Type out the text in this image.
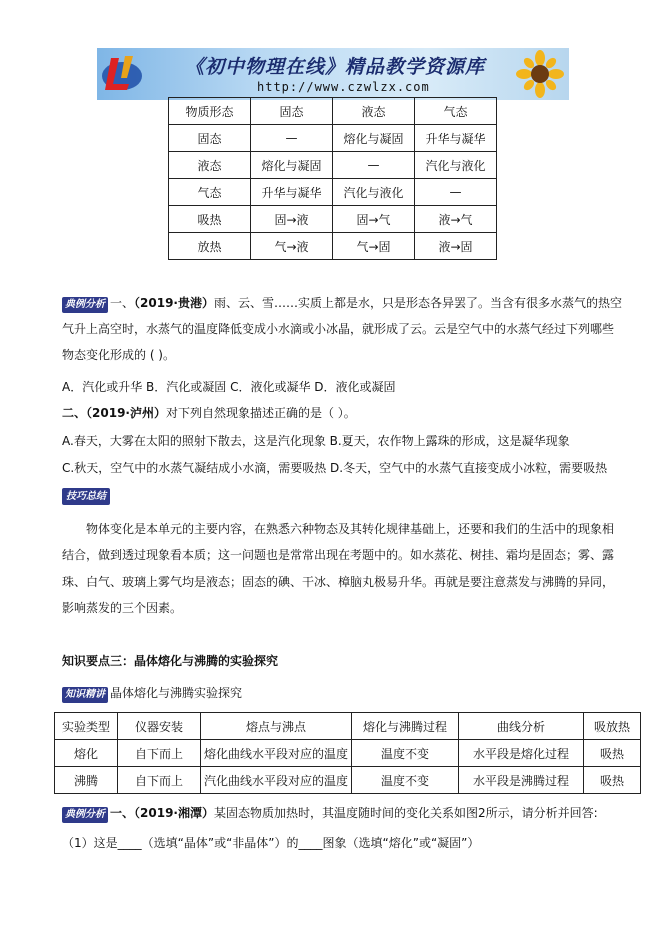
《初中物理在线》精品教学资源库
http://www.czwlzx.com
物质形态	固态	液态	气态
固态	—	熔化与凝固	升华与凝华
液态	熔化与凝固	—	汽化与液化
气态	升华与凝华	汽化与液化	—
吸热	固→液	固→气	液→气
放热	气→液	气→固	液→固
典例分析 一、（2019·贵港）雨、云、雪……实质上都是水，只是形态各异罢了。当含有很多水蒸气的热空
气升上高空时，水蒸气的温度降低变成小水滴或小冰晶，就形成了云。云是空气中的水蒸气经过下列哪些
物态变化形成的 ( )。
A．汽化或升华 B．汽化或凝固 C．液化或凝华 D．液化或凝固
二、（2019·泸州）对下列自然现象描述正确的是（ ）。
A.春天，大雾在太阳的照射下散去，这是汽化现象 B.夏天，农作物上露珠的形成，这是凝华现象
C.秋天，空气中的水蒸气凝结成小水滴，需要吸热 D.冬天，空气中的水蒸气直接变成小冰粒，需要吸热
技巧总结
物体变化是本单元的主要内容，在熟悉六种物态及其转化规律基础上，还要和我们的生活中的现象相
结合，做到透过现象看本质；这一问题也是常常出现在考题中的。如水蒸花、树挂、霜均是固态；雾、露
珠、白气、玻璃上雾气均是液态；固态的碘、干冰、樟脑丸极易升华。再就是要注意蒸发与沸腾的异同，
影响蒸发的三个因素。
知识要点三：晶体熔化与沸腾的实验探究
知识精讲 晶体熔化与沸腾实验探究
实验类型	仪器安装	熔点与沸点	熔化与沸腾过程	曲线分析	吸放热
熔化	自下而上	熔化曲线水平段对应的温度	温度不变	水平段是熔化过程	吸热
沸腾	自下而上	汽化曲线水平段对应的温度	温度不变	水平段是沸腾过程	吸热
典例分析 一、（2019·湘潭）某固态物质加热时，其温度随时间的变化关系如图2所示，请分析并回答:
（1）这是____（选填“晶体”或“非晶体”）的____图象（选填“熔化”或“凝固”）
